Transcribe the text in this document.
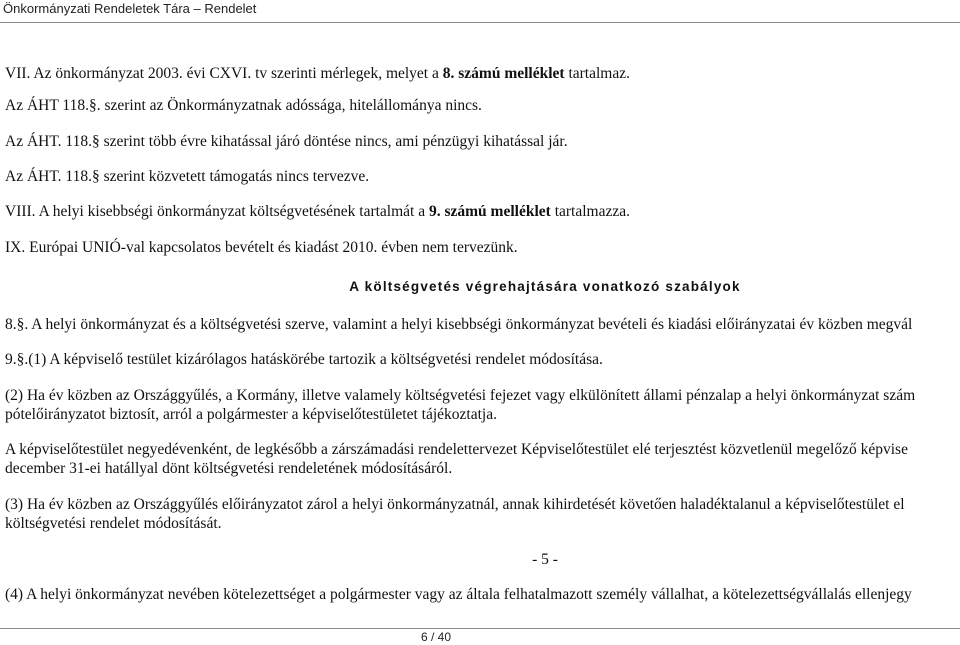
Önkormányzati Rendeletek Tára – Rendelet
VII. Az önkormányzat 2003. évi CXVI. tv szerinti mérlegek, melyet a 8. számú melléklet tartalmaz.
Az ÁHT 118.§. szerint az Önkormányzatnak adóssága, hitelállománya nincs.
Az ÁHT. 118.§ szerint több évre kihatással járó döntése nincs, ami pénzügyi kihatással jár.
Az ÁHT. 118.§ szerint közvetett támogatás nincs tervezve.
VIII. A helyi kisebbségi önkormányzat költségvetésének tartalmát a 9. számú melléklet tartalmazza.
IX. Európai UNIÓ-val kapcsolatos bevételt és kiadást 2010. évben nem tervezünk.
A költségvetés végrehajtására vonatkozó szabályok
8.§. A helyi önkormányzat és a költségvetési szerve, valamint a helyi kisebbségi önkormányzat bevételi és kiadási előirányzatai év közben megvál
9.§.(1) A képviselő testület kizárólagos hatáskörébe tartozik a költségvetési rendelet módosítása.
(2) Ha év közben az Országgyűlés, a Kormány, illetve valamely költségvetési fejezet vagy elkülönített állami pénzalap a helyi önkormányzat szám
pótelőirányzatot biztosít, arról a polgármester a képviselőtestületet tájékoztatja.
A képviselőtestület negyedévenként, de legkésőbb a zárszámadási rendelettervezet Képviselőtestület elé terjesztést közvetlenül megelőző képvise
december 31-ei hatállyal dönt költségvetési rendeletének módosításáról.
(3) Ha év közben az Országgyűlés előirányzatot zárol a helyi önkormányzatnál, annak kihirdetését követően haladéktalanul a képviselőtestület el
költségvetési rendelet módosítását.
- 5 -
(4) A helyi önkormányzat nevében kötelezettséget a polgármester vagy az általa felhatalmazott személy vállalhat, a kötelezettségvállalás ellenjegy
6 / 40
